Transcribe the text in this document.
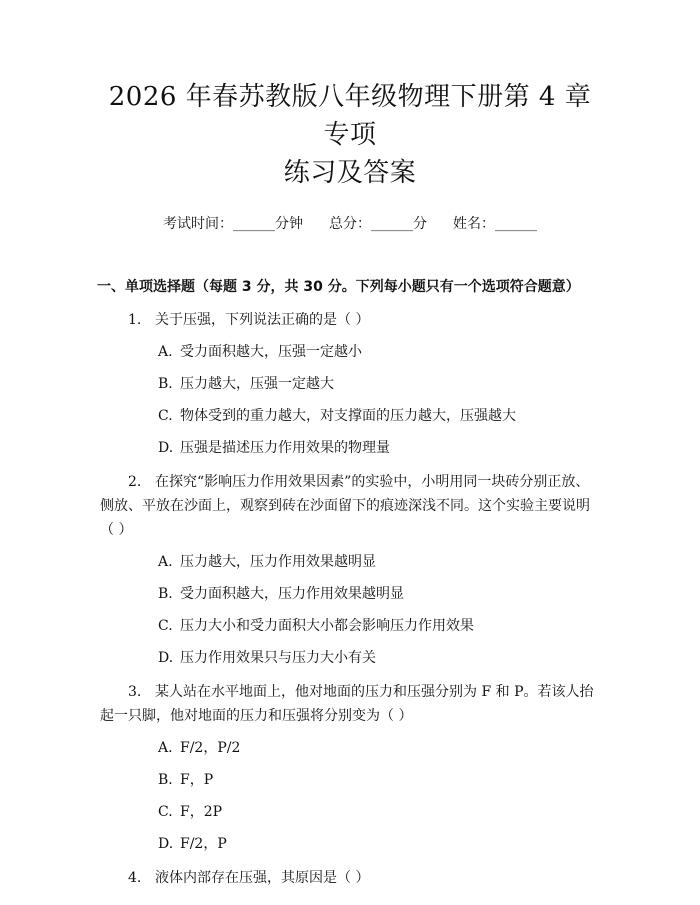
2026 年春苏教版八年级物理下册第 4 章专项
练习及答案
考试时间：______分钟 总分：______分 姓名：______
一、单项选择题（每题 3 分，共 30 分。下列每小题只有一个选项符合题意）
1. 关于压强，下列说法正确的是（ ）
A. 受力面积越大，压强一定越小
B. 压力越大，压强一定越大
C. 物体受到的重力越大，对支撑面的压力越大，压强越大
D. 压强是描述压力作用效果的物理量
2. 在探究“影响压力作用效果因素”的实验中，小明用同一块砖分别正放、侧放、平放在沙面上，观察到砖在沙面留下的痕迹深浅不同。这个实验主要说明（ ）
A. 压力越大，压力作用效果越明显
B. 受力面积越大，压力作用效果越明显
C. 压力大小和受力面积大小都会影响压力作用效果
D. 压力作用效果只与压力大小有关
3. 某人站在水平地面上，他对地面的压力和压强分别为 F 和 P。若该人抬起一只脚，他对地面的压力和压强将分别变为（ ）
A. F/2，P/2
B. F，P
C. F，2P
D. F/2，P
4. 液体内部存在压强，其原因是（ ）
